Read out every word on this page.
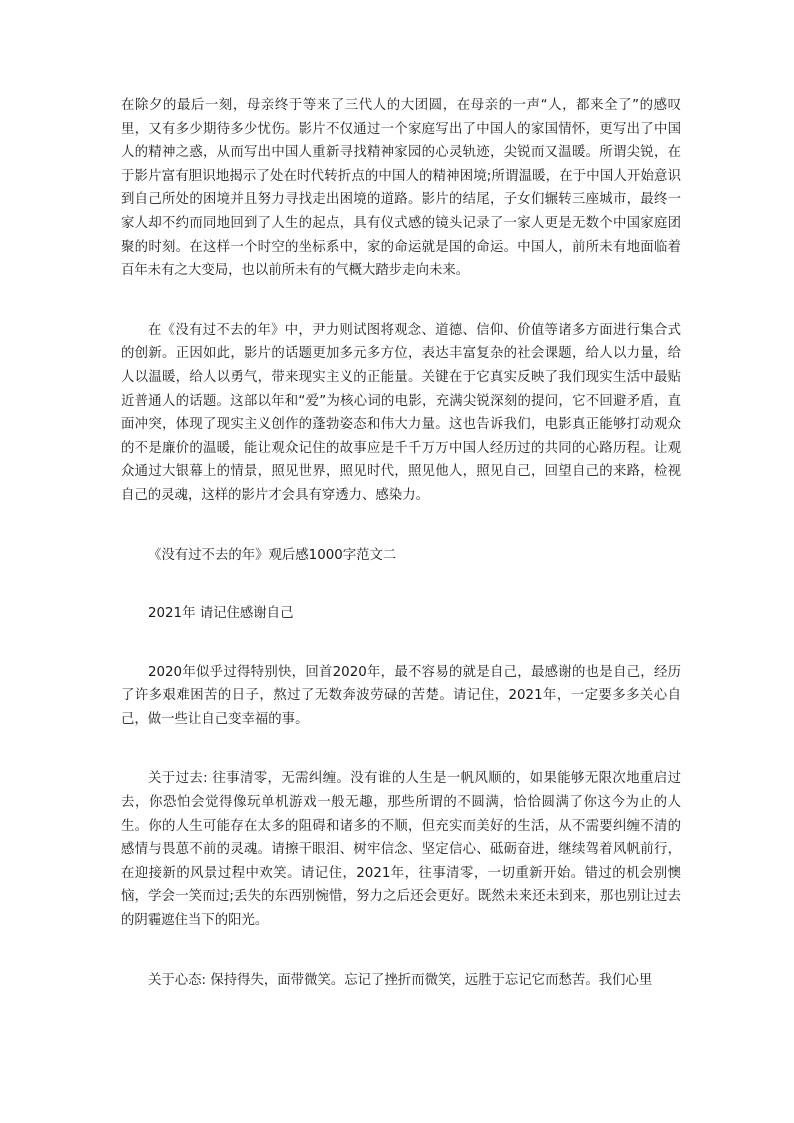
在除夕的最后一刻，母亲终于等来了三代人的大团圆，在母亲的一声“人，都来全了”的感叹里，又有多少期待多少忧伤。影片不仅通过一个家庭写出了中国人的家国情怀，更写出了中国人的精神之惑，从而写出中国人重新寻找精神家园的心灵轨迹，尖锐而又温暖。所谓尖锐，在于影片富有胆识地揭示了处在时代转折点的中国人的精神困境;所谓温暖，在于中国人开始意识到自己所处的困境并且努力寻找走出困境的道路。影片的结尾，子女们辗转三座城市，最终一家人却不约而同地回到了人生的起点，具有仪式感的镜头记录了一家人更是无数个中国家庭团聚的时刻。在这样一个时空的坐标系中，家的命运就是国的命运。中国人，前所未有地面临着百年未有之大变局，也以前所未有的气概大踏步走向未来。

在《没有过不去的年》中，尹力则试图将观念、道德、信仰、价值等诸多方面进行集合式的创新。正因如此，影片的话题更加多元多方位，表达丰富复杂的社会课题，给人以力量，给人以温暖，给人以勇气，带来现实主义的正能量。关键在于它真实反映了我们现实生活中最贴近普通人的话题。这部以年和“爱”为核心词的电影，充满尖锐深刻的提问，它不回避矛盾，直面冲突，体现了现实主义创作的蓬勃姿态和伟大力量。这也告诉我们，电影真正能够打动观众的不是廉价的温暖，能让观众记住的故事应是千千万万中国人经历过的共同的心路历程。让观众通过大银幕上的情景，照见世界，照见时代，照见他人，照见自己，回望自己的来路，检视自己的灵魂，这样的影片才会具有穿透力、感染力。

《没有过不去的年》观后感1000字范文二

2021年 请记住感谢自己

2020年似乎过得特别快，回首2020年，最不容易的就是自己，最感谢的也是自己，经历了许多艰难困苦的日子，熬过了无数奔波劳碌的苦楚。请记住，2021年，一定要多多关心自己，做一些让自己变幸福的事。

关于过去: 往事清零，无需纠缠。没有谁的人生是一帆风顺的，如果能够无限次地重启过去，你恐怕会觉得像玩单机游戏一般无趣，那些所谓的不圆满，恰恰圆满了你这今为止的人生。你的人生可能存在太多的阻碍和诸多的不顺，但充实而美好的生活，从不需要纠缠不清的感情与畏葸不前的灵魂。请擦干眼泪、树牢信念、坚定信心、砥砺奋进，继续驾着风帆前行，在迎接新的风景过程中欢笑。请记住，2021年，往事清零，一切重新开始。错过的机会别懊恼，学会一笑而过;丢失的东西别惋惜，努力之后还会更好。既然未来还未到来，那也别让过去的阴霾遮住当下的阳光。

关于心态: 保持得失，面带微笑。忘记了挫折而微笑，远胜于忘记它而愁苦。我们心里
